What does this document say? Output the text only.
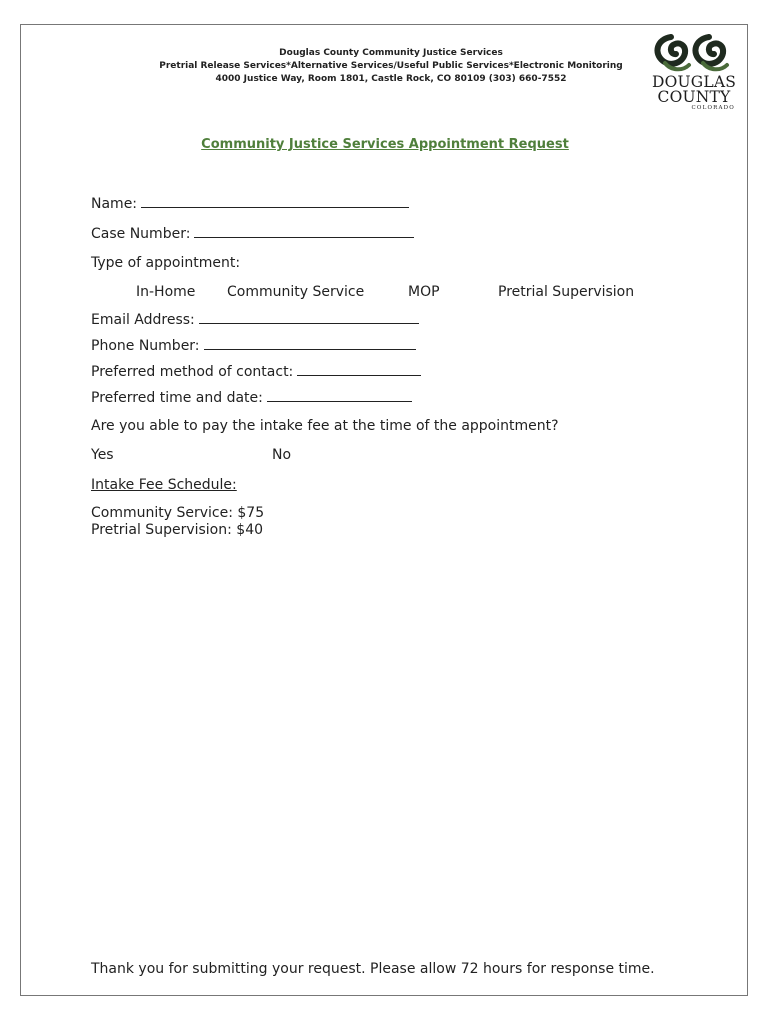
Douglas County Community Justice Services
Pretrial Release Services*Alternative Services/Useful Public Services*Electronic Monitoring
4000 Justice Way, Room 1801, Castle Rock, CO 80109 (303) 660-7552	DOUGLAS
COUNTY
COLORADO
Community Justice Services Appointment Request
Name:
Case Number:
Type of appointment:
In-Home Community Service	MOP	Pretrial Supervision
Email Address:
Phone Number:
Preferred method of contact:
Preferred time and date:
Are you able to pay the intake fee at the time of the appointment?
Yes	No
Intake Fee Schedule:
Community Service: $75
Pretrial Supervision: $40
Thank you for submitting your request. Please allow 72 hours for response time.
